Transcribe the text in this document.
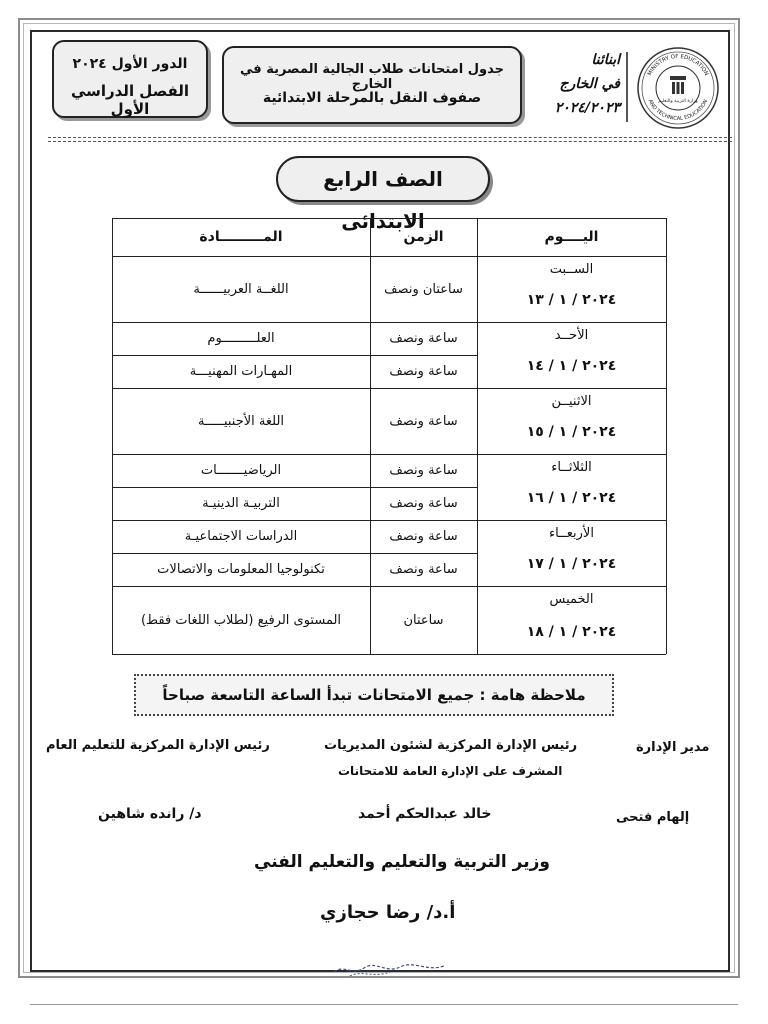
الدور الأول ٢٠٢٤
الفصل الدراسي الأول
جدول امتحانات طلاب الجالية المصرية في الخارج
صفوف النقل بالمرحلة الابتدائية
ابنائنا
في الخارج
٢٠٢٤/٢٠٢٣
MINISTRY OF EDUCATION
AND TECHNICAL EDUCATION
وزارة التربية والتعليم
الصف الرابع الابتدائى
اليــــوم
الزمن
المـــــــــادة
الســبت
٢٠٢٤ / ١ / ١٣
اللغــة العربيــــــة	ساعتان ونصف
الأحــد
٢٠٢٤ / ١ / ١٤
العلـــــــــوم	ساعة ونصف
المهـارات المهنيـــة	ساعة ونصف
الاثنيــن
٢٠٢٤ / ١ / ١٥
اللغة الأجنبيـــــة	ساعة ونصف
الثلاثــاء
٢٠٢٤ / ١ / ١٦
الرياضيـــــــات	ساعة ونصف
التربيـة الدينيـة	ساعة ونصف
الأربعــاء
٢٠٢٤ / ١ / ١٧
الدراسات الاجتماعيـة	ساعة ونصف
تكنولوجيا المعلومات والاتصالات	ساعة ونصف
الخميس
٢٠٢٤ / ١ / ١٨
المستوى الرفيع (لطلاب اللغات فقط)	ساعتان
ملاحظة هامة : جميع الامتحانات تبدأ الساعة التاسعة صباحاً
مدير الإدارة
رئيس الإدارة المركزية لشئون المديريات
المشرف على الإدارة العامة للامتحانات
رئيس الإدارة المركزية للتعليم العام
إلهام فتحى
خالد عبدالحكم أحمد
د/ رانده شاهين
وزير التربية والتعليم والتعليم الفني
أ.د/ رضا حجازي
